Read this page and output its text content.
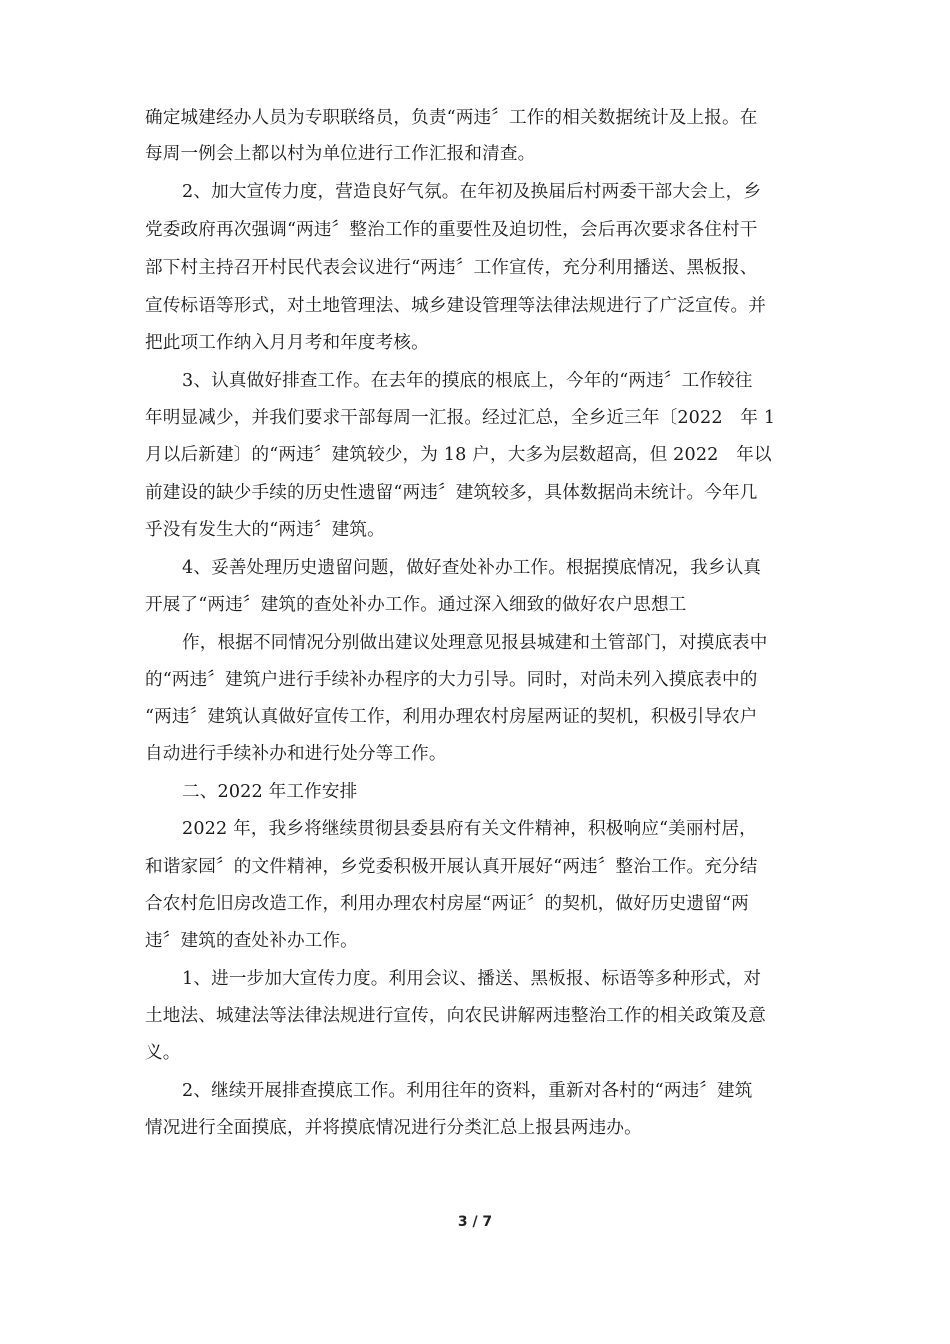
确定城建经办人员为专职联络员，负责“两违〞工作的相关数据统计及上报。在
每周一例会上都以村为单位进行工作汇报和清查。
2、加大宣传力度，营造良好气氛。在年初及换届后村两委干部大会上，乡
党委政府再次强调“两违〞整治工作的重要性及迫切性，会后再次要求各住村干
部下村主持召开村民代表会议进行“两违〞工作宣传，充分利用播送、黑板报、
宣传标语等形式，对土地管理法、城乡建设管理等法律法规进行了广泛宣传。并
把此项工作纳入月月考和年度考核。
3、认真做好排查工作。在去年的摸底的根底上，今年的“两违〞工作较往
年明显减少，并我们要求干部每周一汇报。经过汇总，全乡近三年〔2022　年 1
月以后新建〕的“两违〞建筑较少，为 18 户，大多为层数超高，但 2022　年以
前建设的缺少手续的历史性遗留“两违〞建筑较多，具体数据尚未统计。今年几
乎没有发生大的“两违〞建筑。
4、妥善处理历史遗留问题，做好查处补办工作。根据摸底情况，我乡认真
开展了“两违〞建筑的查处补办工作。通过深入细致的做好农户思想工
作，根据不同情况分别做出建议处理意见报县城建和土管部门，对摸底表中
的“两违〞建筑户进行手续补办程序的大力引导。同时，对尚未列入摸底表中的
“两违〞建筑认真做好宣传工作，利用办理农村房屋两证的契机，积极引导农户
自动进行手续补办和进行处分等工作。
二、2022 年工作安排
2022 年，我乡将继续贯彻县委县府有关文件精神，积极响应“美丽村居，
和谐家园〞的文件精神，乡党委积极开展认真开展好“两违〞整治工作。充分结
合农村危旧房改造工作，利用办理农村房屋“两证〞的契机，做好历史遗留“两
违〞建筑的查处补办工作。
1、进一步加大宣传力度。利用会议、播送、黑板报、标语等多种形式，对
土地法、城建法等法律法规进行宣传，向农民讲解两违整治工作的相关政策及意
义。
2、继续开展排查摸底工作。利用往年的资料，重新对各村的“两违〞建筑
情况进行全面摸底，并将摸底情况进行分类汇总上报县两违办。
3 / 7
